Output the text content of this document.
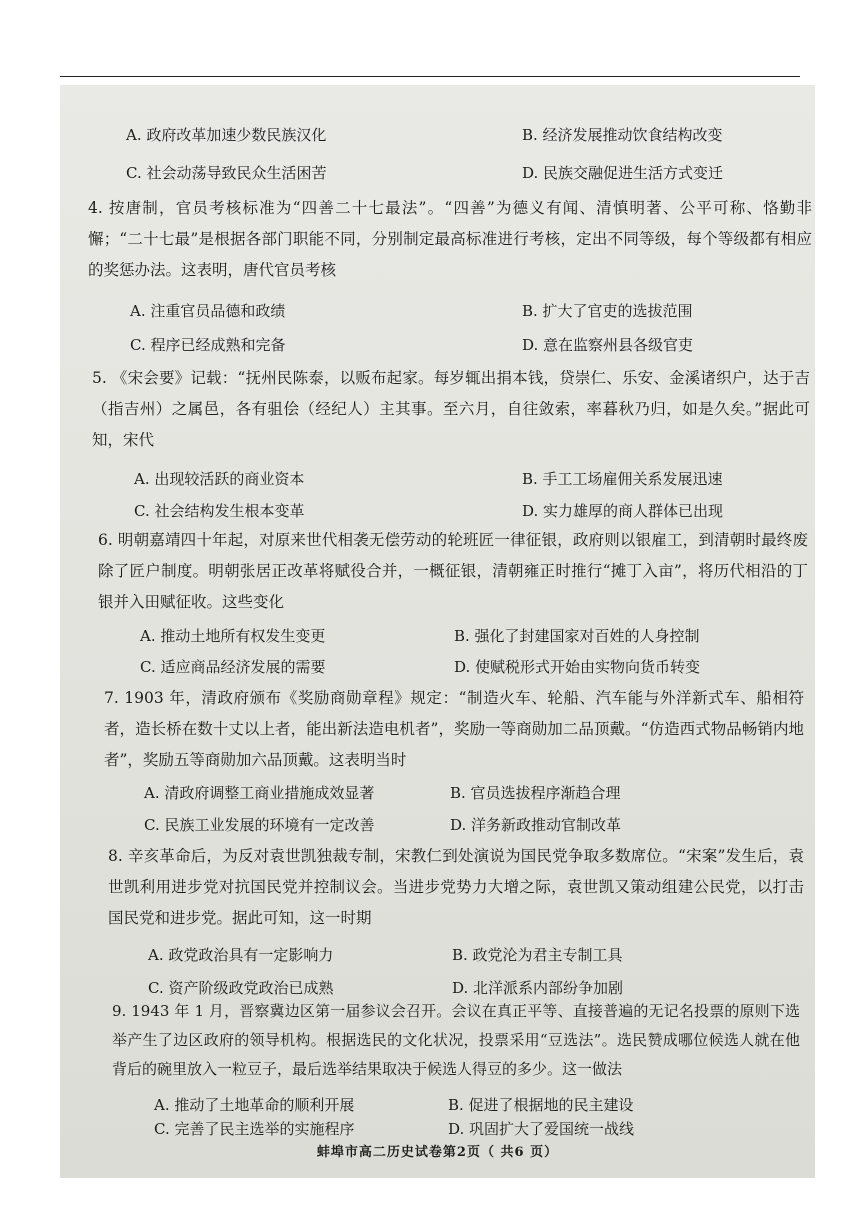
A. 政府改革加速少数民族汉化	B. 经济发展推动饮食结构改变
C. 社会动荡导致民众生活困苦	D. 民族交融促进生活方式变迁
4. 按唐制，官员考核标准为“四善二十七最法”。“四善”为德义有闻、清慎明著、公平可称、恪勤非懈；“二十七最”是根据各部门职能不同，分别制定最高标准进行考核，定出不同等级，每个等级都有相应的奖惩办法。这表明，唐代官员考核
A. 注重官员品德和政绩	B. 扩大了官吏的选拔范围
C. 程序已经成熟和完备	D. 意在监察州县各级官吏
5. 《宋会要》记载：“抚州民陈泰，以贩布起家。每岁辄出捐本钱，贷崇仁、乐安、金溪诸织户，达于吉（指吉州）之属邑，各有驵侩（经纪人）主其事。至六月，自往敛索，率暮秋乃归，如是久矣。”据此可知，宋代
A. 出现较活跃的商业资本	B. 手工工场雇佣关系发展迅速
C. 社会结构发生根本变革	D. 实力雄厚的商人群体已出现
6. 明朝嘉靖四十年起，对原来世代相袭无偿劳动的轮班匠一律征银，政府则以银雇工，到清朝时最终废除了匠户制度。明朝张居正改革将赋役合并，一概征银，清朝雍正时推行“摊丁入亩”，将历代相沿的丁银并入田赋征收。这些变化
A. 推动土地所有权发生变更	B. 强化了封建国家对百姓的人身控制
C. 适应商品经济发展的需要	D. 使赋税形式开始由实物向货币转变
7. 1903 年，清政府颁布《奖励商勋章程》规定：“制造火车、轮船、汽车能与外洋新式车、船相符者，造长桥在数十丈以上者，能出新法造电机者”，奖励一等商勋加二品顶戴。“仿造西式物品畅销内地者”，奖励五等商勋加六品顶戴。这表明当时
A. 清政府调整工商业措施成效显著	B. 官员选拔程序渐趋合理
C. 民族工业发展的环境有一定改善	D. 洋务新政推动官制改革
8. 辛亥革命后，为反对袁世凯独裁专制，宋教仁到处演说为国民党争取多数席位。“宋案”发生后，袁世凯利用进步党对抗国民党并控制议会。当进步党势力大增之际，袁世凯又策动组建公民党，以打击国民党和进步党。据此可知，这一时期
A. 政党政治具有一定影响力	B. 政党沦为君主专制工具
C. 资产阶级政党政治已成熟	D. 北洋派系内部纷争加剧
9. 1943 年 1 月，晋察冀边区第一届参议会召开。会议在真正平等、直接普遍的无记名投票的原则下选举产生了边区政府的领导机构。根据选民的文化状况，投票采用“豆选法”。选民赞成哪位候选人就在他背后的碗里放入一粒豆子，最后选举结果取决于候选人得豆的多少。这一做法
A. 推动了土地革命的顺利开展	B. 促进了根据地的民主建设
C. 完善了民主选举的实施程序	D. 巩固扩大了爱国统一战线
蚌埠市高二历史试卷第2页（ 共6 页）
